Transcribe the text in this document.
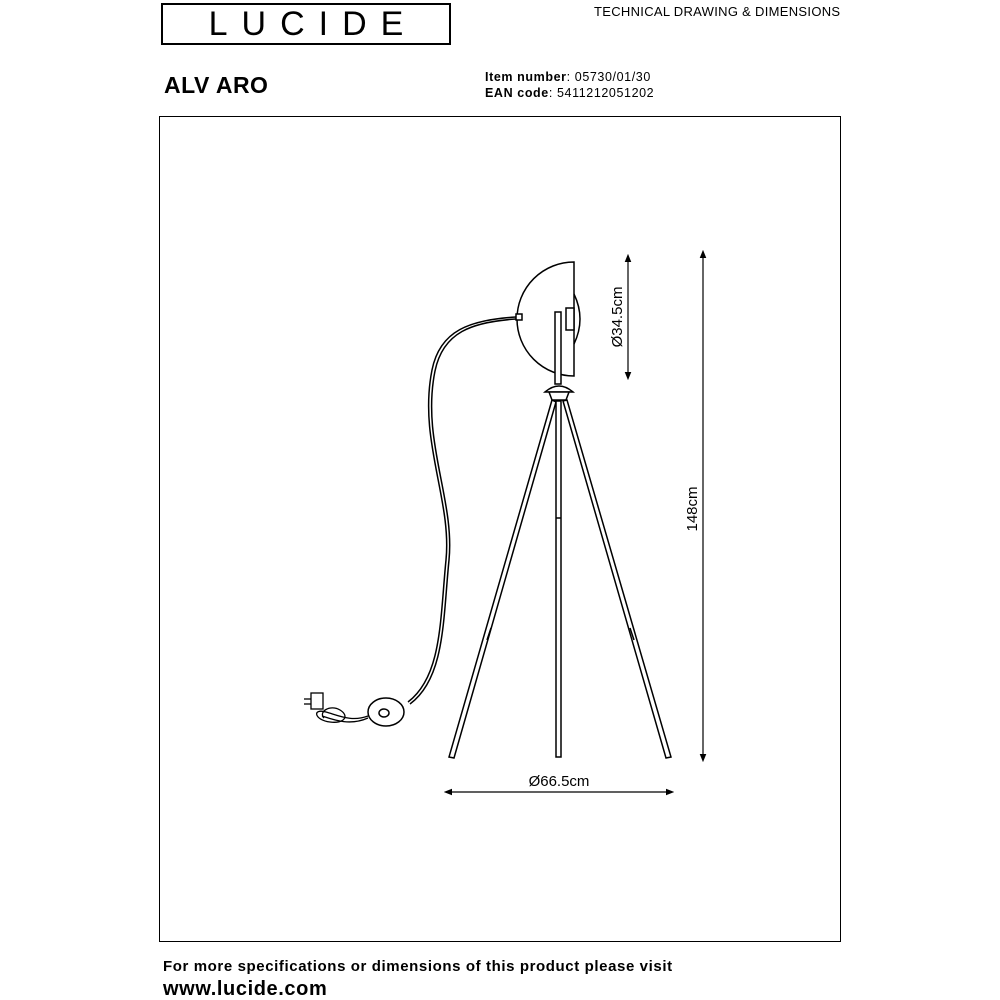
LUCIDE	TECHNICAL DRAWING & DIMENSIONS
ALV ARO	Item number: 05730/01/30
EAN code: 5411212051202
Ø34.5cm
148cm
Ø66.5cm
For more specifications or dimensions of this product please visit
www.lucide.com
